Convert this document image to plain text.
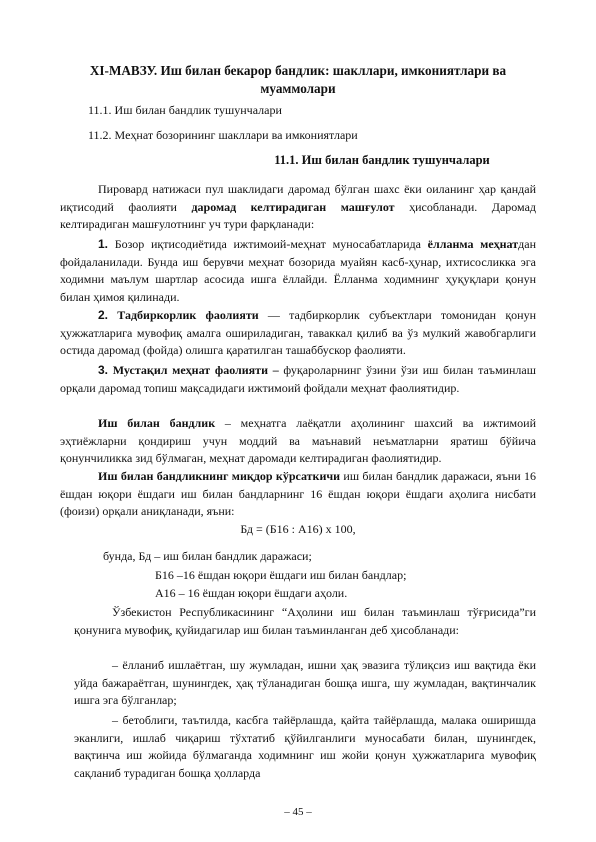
XI-МАВЗУ. Иш билан бекарор бандлик: шакллари, имкониятлари ва муаммолари
11.1. Иш билан бандлик тушунчалари
11.2. Меҳнат бозорининг шакллари ва имкониятлари
11.1. Иш билан бандлик тушунчалари

Пировард натижаси пул шаклидаги даромад бўлган шахс ёки оиланинг ҳар қандай иқтисодий фаолияти даромад келтирадиган машғулот ҳисобланади. Даромад келтирадиган машғулотнинг уч тури фарқланади:

1. Бозор иқтисодиётида ижтимоий-меҳнат муносабатларида ёлланма меҳнатдан фойдаланилади. Бунда иш берувчи меҳнат бозорида муайян касб-ҳунар, ихтисосликка эга ходимни маълум шартлар асосида ишга ёллайди. Ёлланма ходимнинг ҳуқуқлари қонун билан ҳимоя қилинади.

2. Тадбиркорлик фаолияти — тадбиркорлик субъектлари томонидан қонун ҳужжатларига мувофиқ амалга ошириладиган, таваккал қилиб ва ўз мулкий жавобгарлиги остида даромад (фойда) олишга қаратилган ташаббускор фаолияти.

3. Мустақил меҳнат фаолияти – фуқароларнинг ўзини ўзи иш билан таъминлаш орқали даромад топиш мақсадидаги ижтимоий фойдали меҳнат фаолиятидир.

Иш билан бандлик – меҳнатга лаёқатли аҳолининг шахсий ва ижтимоий эҳтиёжларни қондириш учун моддий ва маънавий неъматларни яратиш бўйича қонунчиликка зид бўлмаган, меҳнат даромади келтирадиган фаолиятидир.

Иш билан бандликнинг миқдор кўрсаткичи иш билан бандлик даражаси, яъни 16 ёшдан юқори ёшдаги иш билан бандларнинг 16 ёшдан юқори ёшдаги аҳолига нисбати (фоизи) орқали аниқланади, яъни:

Бд = (Б16 : А16) х 100,
бунда, Бд – иш билан бандлик даражаси;
Б16 –16 ёшдан юқори ёшдаги иш билан бандлар;
А16 – 16 ёшдан юқори ёшдаги аҳоли.

Ўзбекистон Республикасининг “Аҳолини иш билан таъминлаш тўғрисида”ги қонунига мувофиқ, қуйидагилар иш билан таъминланган деб ҳисобланади:

– ёлланиб ишлаётган, шу жумладан, ишни ҳақ эвазига тўлиқсиз иш вақтида ёки уйда бажараётган, шунингдек, ҳақ тўланадиган бошқа ишга, шу жумладан, вақтинчалик ишга эга бўлганлар;

– бетоблиги, таътилда, касбга тайёрлашда, қайта тайёрлашда, малака оширишда эканлиги, ишлаб чиқариш тўхтатиб қўйилганлиги муносабати билан, шунингдек, вақтинча иш жойида бўлмаганда ходимнинг иш жойи қонун ҳужжатларига мувофиқ сақланиб турадиган бошқа ҳолларда

– 45 –
